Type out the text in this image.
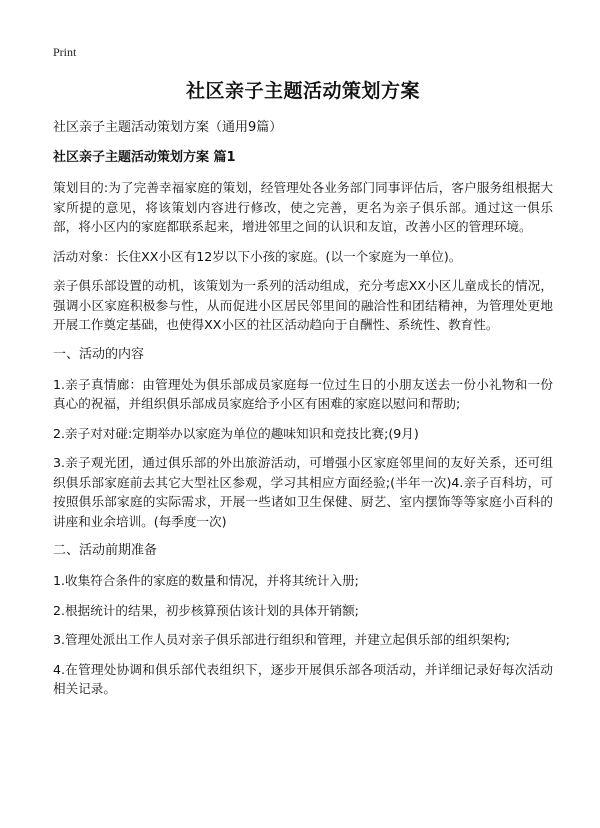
Print
社区亲子主题活动策划方案
社区亲子主题活动策划方案（通用9篇）
社区亲子主题活动策划方案 篇1
策划目的:为了完善幸福家庭的策划，经管理处各业务部门同事评估后，客户服务组根据大家所提的意见，将该策划内容进行修改，使之完善，更名为亲子俱乐部。通过这一俱乐部，将小区内的家庭都联系起来，增进邻里之间的认识和友谊，改善小区的管理环境。
活动对象：长住XX小区有12岁以下小孩的家庭。(以一个家庭为一单位)。
亲子俱乐部设置的动机，该策划为一系列的活动组成，充分考虑XX小区儿童成长的情况，强调小区家庭积极参与性，从而促进小区居民邻里间的融洽性和团结精神，为管理处更地开展工作奠定基础，也使得XX小区的社区活动趋向于自酬性、系统性、教育性。
一、活动的内容
1.亲子真情廊：由管理处为俱乐部成员家庭每一位过生日的小朋友送去一份小礼物和一份真心的祝福，并组织俱乐部成员家庭给予小区有困难的家庭以慰问和帮助;
2.亲子对对碰:定期举办以家庭为单位的趣味知识和竞技比赛;(9月)
3.亲子观光团，通过俱乐部的外出旅游活动，可增强小区家庭邻里间的友好关系，还可组织俱乐部家庭前去其它大型社区参观，学习其相应方面经验;(半年一次)4.亲子百科坊，可按照俱乐部家庭的实际需求，开展一些诸如卫生保健、厨艺、室内摆饰等等家庭小百科的讲座和业余培训。(每季度一次)
二、活动前期准备
1.收集符合条件的家庭的数量和情况，并将其统计入册;
2.根据统计的结果，初步核算预估该计划的具体开销额;
3.管理处派出工作人员对亲子俱乐部进行组织和管理，并建立起俱乐部的组织架构;
4.在管理处协调和俱乐部代表组织下，逐步开展俱乐部各项活动，并详细记录好每次活动相关记录。
